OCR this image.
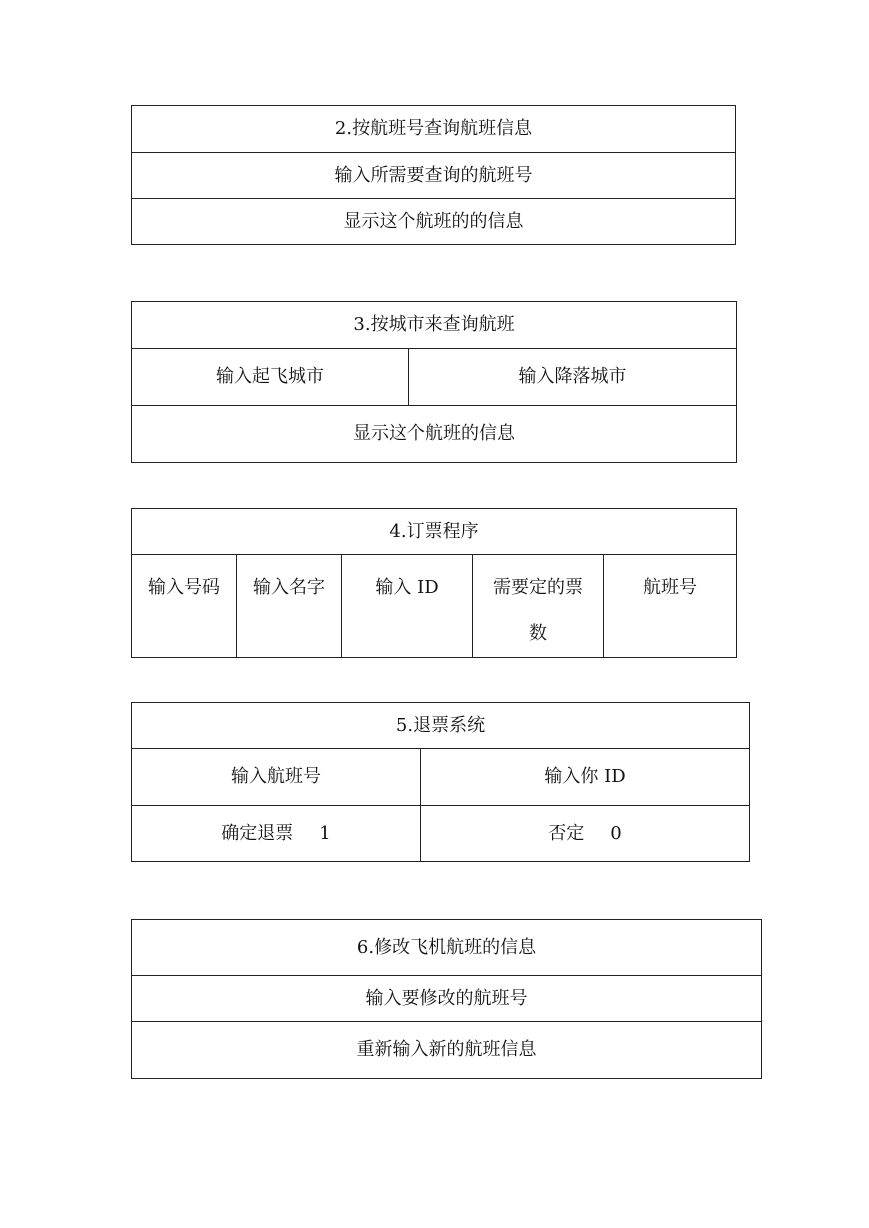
2.按航班号查询航班信息
输入所需要查询的航班号
显示这个航班的的信息
3.按城市来查询航班
输入起飞城市	输入降落城市
显示这个航班的信息
4.订票程序
输入号码	输入名字	输入 ID	需要定的票数	航班号
5.退票系统	
输入航班号	输入你 ID
确定退票 1	否定 0
6.修改飞机航班的信息
输入要修改的航班号
重新输入新的航班信息
